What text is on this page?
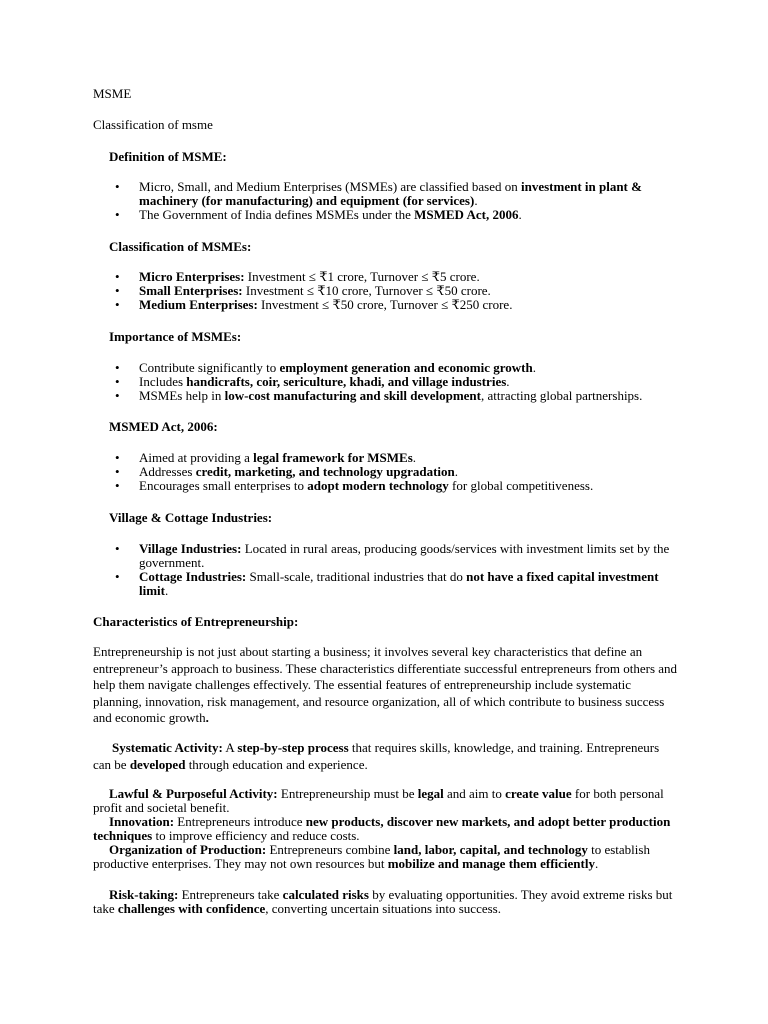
MSME

Classification of msme

Definition of MSME:

• Micro, Small, and Medium Enterprises (MSMEs) are classified based on investment in plant & machinery (for manufacturing) and equipment (for services).
• The Government of India defines MSMEs under the MSMED Act, 2006.

Classification of MSMEs:

• Micro Enterprises: Investment ≤ ₹1 crore, Turnover ≤ ₹5 crore.
• Small Enterprises: Investment ≤ ₹10 crore, Turnover ≤ ₹50 crore.
• Medium Enterprises: Investment ≤ ₹50 crore, Turnover ≤ ₹250 crore.

Importance of MSMEs:

• Contribute significantly to employment generation and economic growth.
• Includes handicrafts, coir, sericulture, khadi, and village industries.
• MSMEs help in low-cost manufacturing and skill development, attracting global partnerships.

MSMED Act, 2006:

• Aimed at providing a legal framework for MSMEs.
• Addresses credit, marketing, and technology upgradation.
• Encourages small enterprises to adopt modern technology for global competitiveness.

Village & Cottage Industries:

• Village Industries: Located in rural areas, producing goods/services with investment limits set by the government.
• Cottage Industries: Small-scale, traditional industries that do not have a fixed capital investment limit.

Characteristics of Entrepreneurship:

Entrepreneurship is not just about starting a business; it involves several key characteristics that define an entrepreneur’s approach to business. These characteristics differentiate successful entrepreneurs from others and help them navigate challenges effectively. The essential features of entrepreneurship include systematic planning, innovation, risk management, and resource organization, all of which contribute to business success and economic growth.

Systematic Activity: A step-by-step process that requires skills, knowledge, and training. Entrepreneurs can be developed through education and experience.

Lawful & Purposeful Activity: Entrepreneurship must be legal and aim to create value for both personal profit and societal benefit.

Innovation: Entrepreneurs introduce new products, discover new markets, and adopt better production techniques to improve efficiency and reduce costs.

Organization of Production: Entrepreneurs combine land, labor, capital, and technology to establish productive enterprises. They may not own resources but mobilize and manage them efficiently.

Risk-taking: Entrepreneurs take calculated risks by evaluating opportunities. They avoid extreme risks but take challenges with confidence, converting uncertain situations into success.
